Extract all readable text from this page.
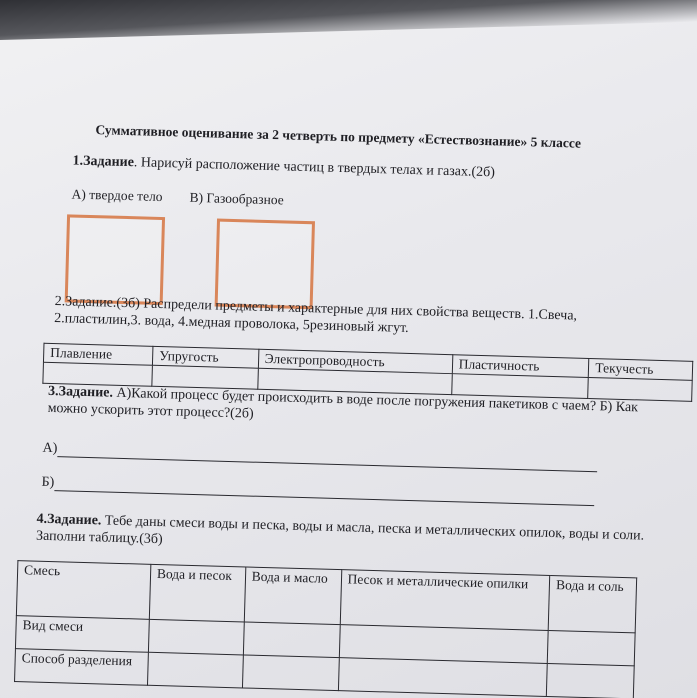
Суммативное оценивание за 2 четверть по предмету «Естествознание» 5 классе
1.Задание. Нарисуй расположение частиц в твердых телах и газах.(2б)
А) твердое тело В) Газообразное
2.Задание.(3б) Распредели предметы и характерные для них свойства веществ. 1.Свеча, 2.пластилин,3. вода, 4.медная проволока, 5резиновый жгут.
Плавление	Упругость	Электропроводность	Пластичность	Текучесть

3.Задание. А)Какой процесс будет происходить в воде после погружения пакетиков с чаем? Б) Как можно ускорить этот процесс?(2б)
А)
Б)
4.Задание. Тебе даны смеси воды и песка, воды и масла, песка и металлических опилок, воды и соли. Заполни таблицу.(3б)
Смесь	Вода и песок	Вода и масло	Песок и металлические опилки	Вода и соль
Вид смеси				
Способ разделения				
